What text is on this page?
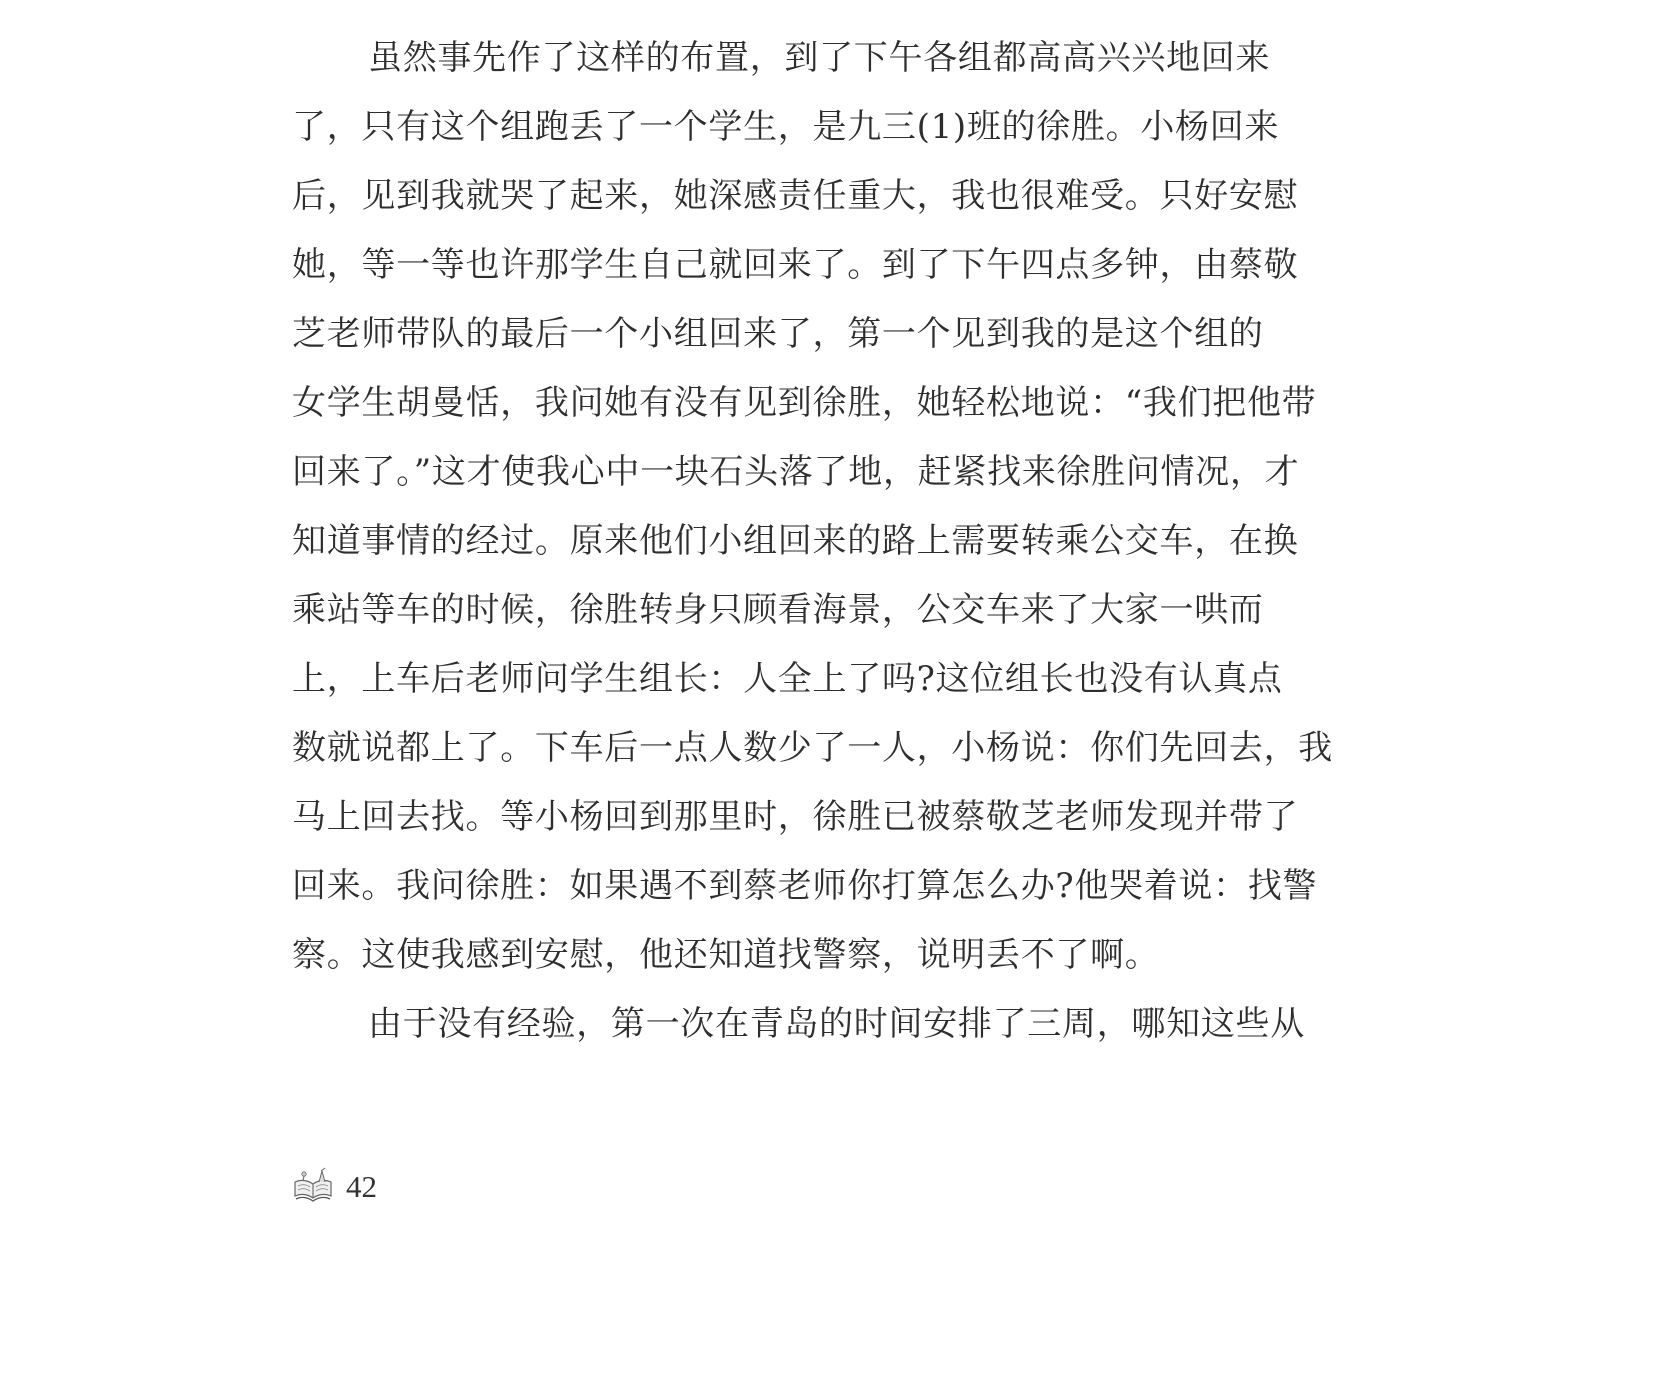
虽然事先作了这样的布置，到了下午各组都高高兴兴地回来
了，只有这个组跑丢了一个学生，是九三(1)班的徐胜。小杨回来
后，见到我就哭了起来，她深感责任重大，我也很难受。只好安慰
她，等一等也许那学生自己就回来了。到了下午四点多钟，由蔡敬
芝老师带队的最后一个小组回来了，第一个见到我的是这个组的
女学生胡曼恬，我问她有没有见到徐胜，她轻松地说：“我们把他带
回来了。”这才使我心中一块石头落了地，赶紧找来徐胜问情况，才
知道事情的经过。原来他们小组回来的路上需要转乘公交车，在换
乘站等车的时候，徐胜转身只顾看海景，公交车来了大家一哄而
上，上车后老师问学生组长：人全上了吗?这位组长也没有认真点
数就说都上了。下车后一点人数少了一人，小杨说：你们先回去，我
马上回去找。等小杨回到那里时，徐胜已被蔡敬芝老师发现并带了
回来。我问徐胜：如果遇不到蔡老师你打算怎么办?他哭着说：找警
察。这使我感到安慰，他还知道找警察，说明丢不了啊。
由于没有经验，第一次在青岛的时间安排了三周，哪知这些从
42
